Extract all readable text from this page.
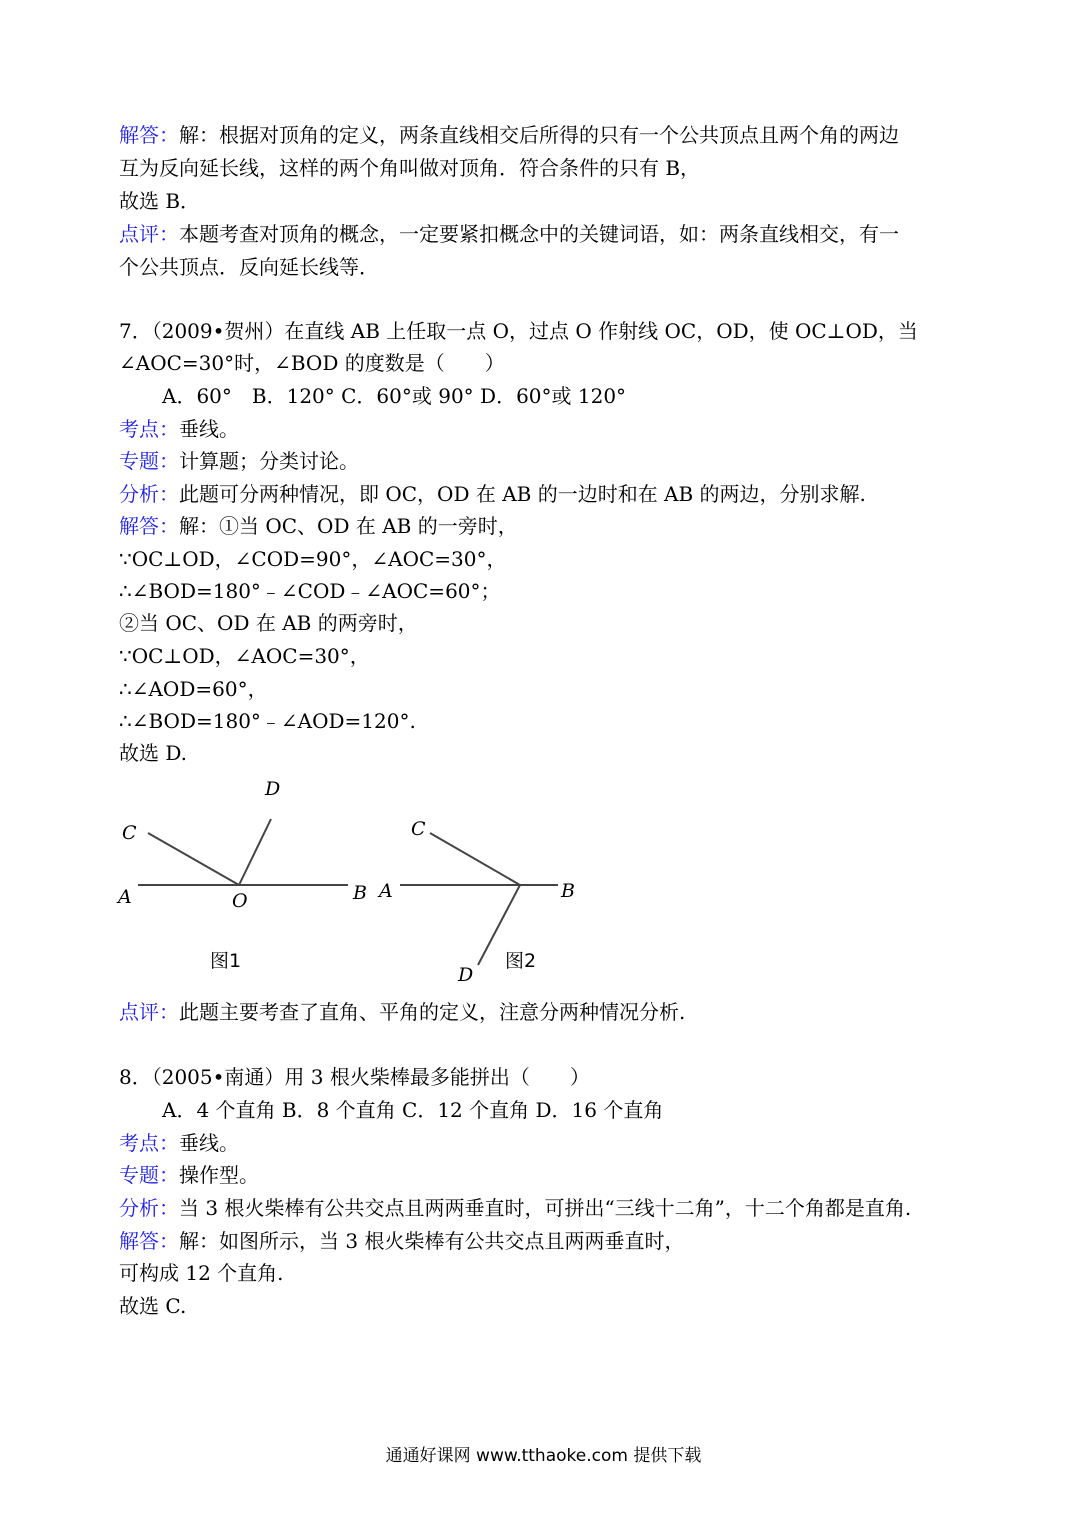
解答：解：根据对顶角的定义，两条直线相交后所得的只有一个公共顶点且两个角的两边
互为反向延长线，这样的两个角叫做对顶角．符合条件的只有 B，
故选 B．
点评：本题考查对顶角的概念，一定要紧扣概念中的关键词语，如：两条直线相交，有一
个公共顶点．反向延长线等．
7．（2009•贺州）在直线 AB 上任取一点 O，过点 O 作射线 OC，OD，使 OC⊥OD，当
∠AOC=30°时，∠BOD 的度数是（　　）
A．60°　B．120° C．60°或 90° D．60°或 120°
考点：垂线。
专题：计算题；分类讨论。
分析：此题可分两种情况，即 OC，OD 在 AB 的一边时和在 AB 的两边，分别求解.
解答：解：①当 OC、OD 在 AB 的一旁时，
∵OC⊥OD，∠COD=90°，∠AOC=30°，
∴∠BOD=180°﹣∠COD﹣∠AOC=60°；
②当 OC、OD 在 AB 的两旁时，
∵OC⊥OD，∠AOC=30°，
∴∠AOD=60°，
∴∠BOD=180°﹣∠AOD=120°.
故选 D.
D
C
A	O	B
图1
C
A	B
D
图2
点评：此题主要考查了直角、平角的定义，注意分两种情况分析.
8．（2005•南通）用 3 根火柴棒最多能拼出（　　）
A．4 个直角 B．8 个直角 C．12 个直角 D．16 个直角
考点：垂线。
专题：操作型。
分析：当 3 根火柴棒有公共交点且两两垂直时，可拼出“三线十二角”，十二个角都是直角.
解答：解：如图所示，当 3 根火柴棒有公共交点且两两垂直时，
可构成 12 个直角.
故选 C.
通通好课网 www.tthaoke.com 提供下载
